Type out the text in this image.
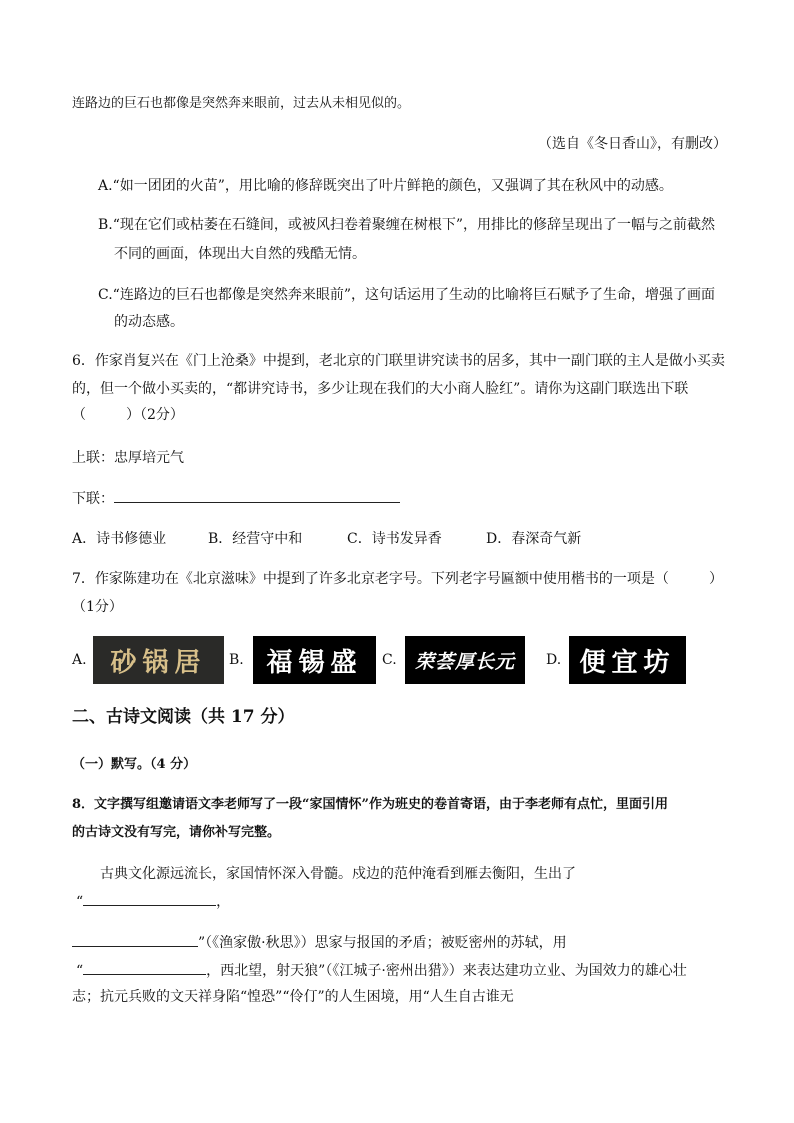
连路边的巨石也都像是突然奔来眼前，过去从未相见似的。
（选自《冬日香山》，有删改）
A.“如一团团的火苗”，用比喻的修辞既突出了叶片鲜艳的颜色，又强调了其在秋风中的动感。
B.“现在它们或枯萎在石缝间，或被风扫卷着聚缠在树根下”，用排比的修辞呈现出了一幅与之前截然
不同的画面，体现出大自然的残酷无情。
C.“连路边的巨石也都像是突然奔来眼前”，这句话运用了生动的比喻将巨石赋予了生命，增强了画面
的动态感。
6．作家肖复兴在《门上沧桑》中提到，老北京的门联里讲究读书的居多，其中一副门联的主人是做小买卖
的，但一个做小买卖的，“都讲究诗书，多少让现在我们的大小商人脸红”。请你为这副门联选出下联
（	）（2分）
上联：忠厚培元气
下联：
A．诗书修德业	B．经营守中和	C．诗书发异香	D．春深奇气新
7．作家陈建功在《北京滋味》中提到了许多北京老字号。下列老字号匾额中使用楷书的一项是（	）
（1分）
A. 砂锅居	B. 福锡盛	C. 荣荟厚长元	D. 便宜坊
二、古诗文阅读（共 17 分）
（一）默写。（4 分）
8．文字撰写组邀请语文李老师写了一段“家国情怀”作为班史的卷首寄语，由于李老师有点忙，里面引用
的古诗文没有写完，请你补写完整。
古典文化源远流长，家国情怀深入骨髓。戍边的范仲淹看到雁去衡阳，生出了
“	，
”（《渔家傲·秋思》）思家与报国的矛盾；被贬密州的苏轼，用
“	，西北望，射天狼”（《江城子·密州出猎》）来表达建功立业、为国效力的雄心壮
志；抗元兵败的文天祥身陷“惶恐”“伶仃”的人生困境，用“人生自古谁无
